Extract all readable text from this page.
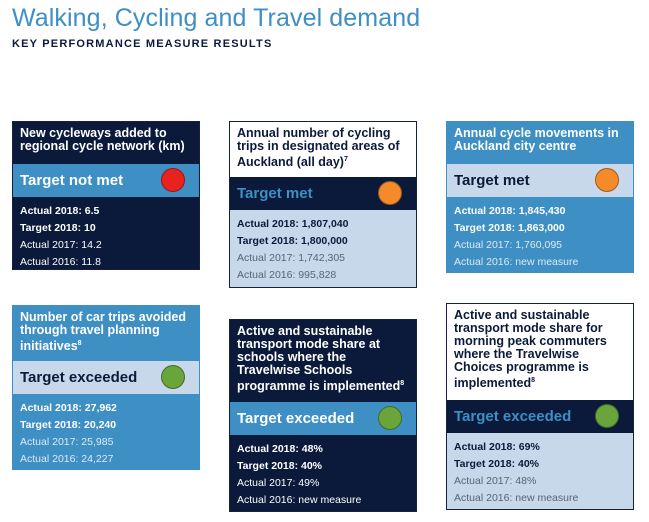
Walking, Cycling and Travel demand
KEY PERFORMANCE MEASURE RESULTS
New cycleways added to regional cycle network (km)
Target not met
Actual 2018: 6.5
Target 2018: 10
Actual 2017: 14.2
Actual 2016: 11.8
Annual number of cycling trips in designated areas of Auckland (all day)$^7$
Target met
Actual 2018: 1,807,040
Target 2018: 1,800,000
Actual 2017: 1,742,305
Actual 2016: 995,828
Annual cycle movements in Auckland city centre
Target met
Actual 2018: 1,845,430
Target 2018: 1,863,000
Actual 2017: 1,760,095
Actual 2016: new measure
Number of car trips avoided through travel planning initiatives$^8$
Target exceeded
Actual 2018: 27,962
Target 2018: 20,240
Actual 2017: 25,985
Actual 2016: 24,227
Active and sustainable transport mode share at schools where the Travelwise Schools programme is implemented$^8$
Target exceeded
Actual 2018: 48%
Target 2018: 40%
Actual 2017: 49%
Actual 2016: new measure
Active and sustainable transport mode share for morning peak commuters where the Travelwise Choices programme is implemented$^8$
Target exceeded
Actual 2018: 69%
Target 2018: 40%
Actual 2017: 48%
Actual 2016: new measure
